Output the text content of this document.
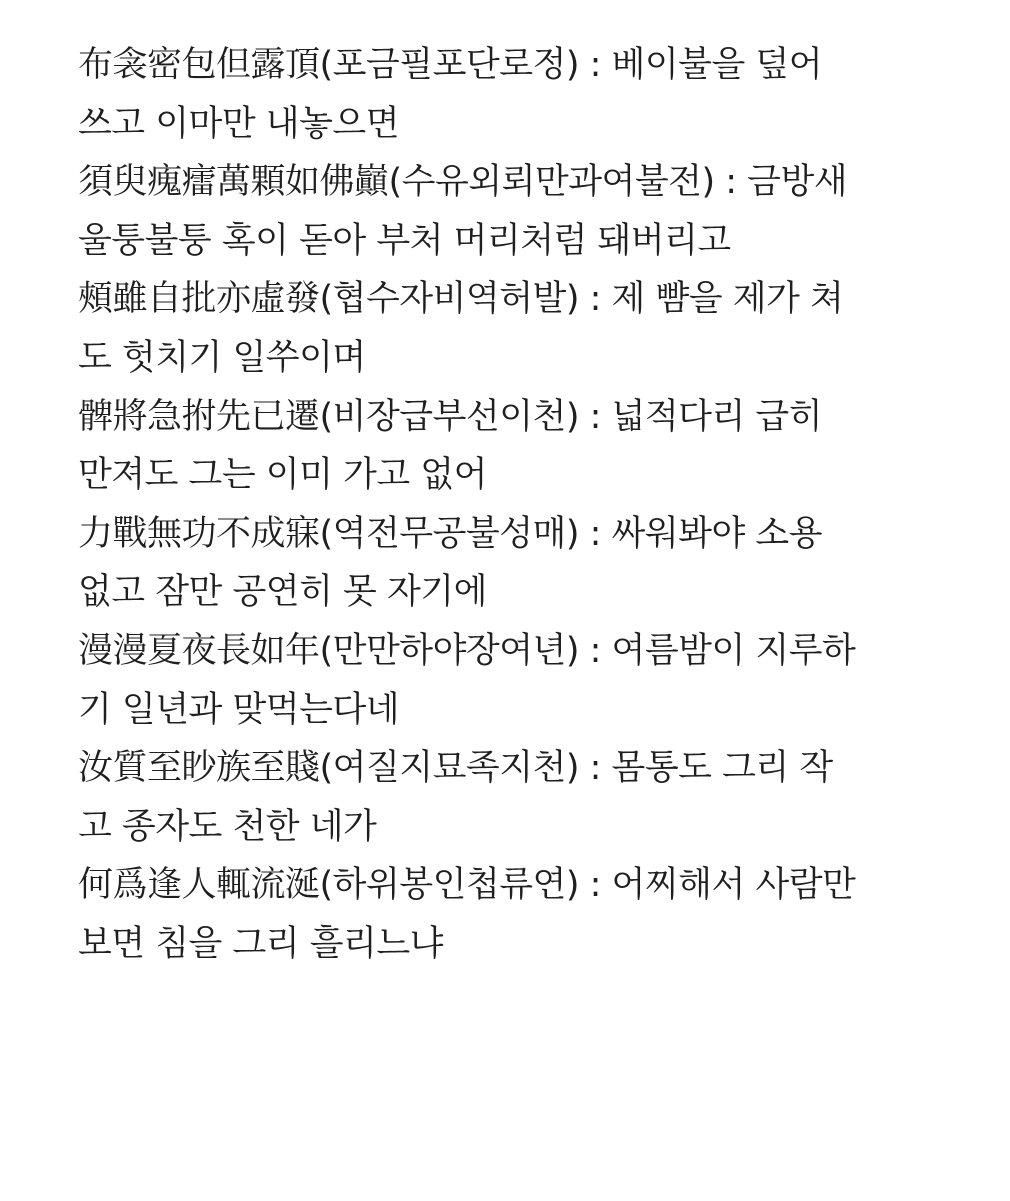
布衾密包但露頂(포금필포단로정) : 베이불을 덮어
쓰고 이마만 내놓으면
須臾瘣癗萬顆如佛巓(수유외뢰만과여불전) : 금방새
울퉁불퉁 혹이 돋아 부처 머리처럼 돼버리고
頰雖自批亦虛發(협수자비역허발) : 제 뺨을 제가 쳐
도 헛치기 일쑤이며
髀將急拊先已遷(비장급부선이천) : 넓적다리 급히
만져도 그는 이미 가고 없어
力戰無功不成寐(역전무공불성매) : 싸워봐야 소용
없고 잠만 공연히 못 자기에
漫漫夏夜長如年(만만하야장여년) : 여름밤이 지루하
기 일년과 맞먹는다네
汝質至眇族至賤(여질지묘족지천) : 몸통도 그리 작
고 종자도 천한 네가
何爲逢人輒流涎(하위봉인첩류연) : 어찌해서 사람만
보면 침을 그리 흘리느냐
